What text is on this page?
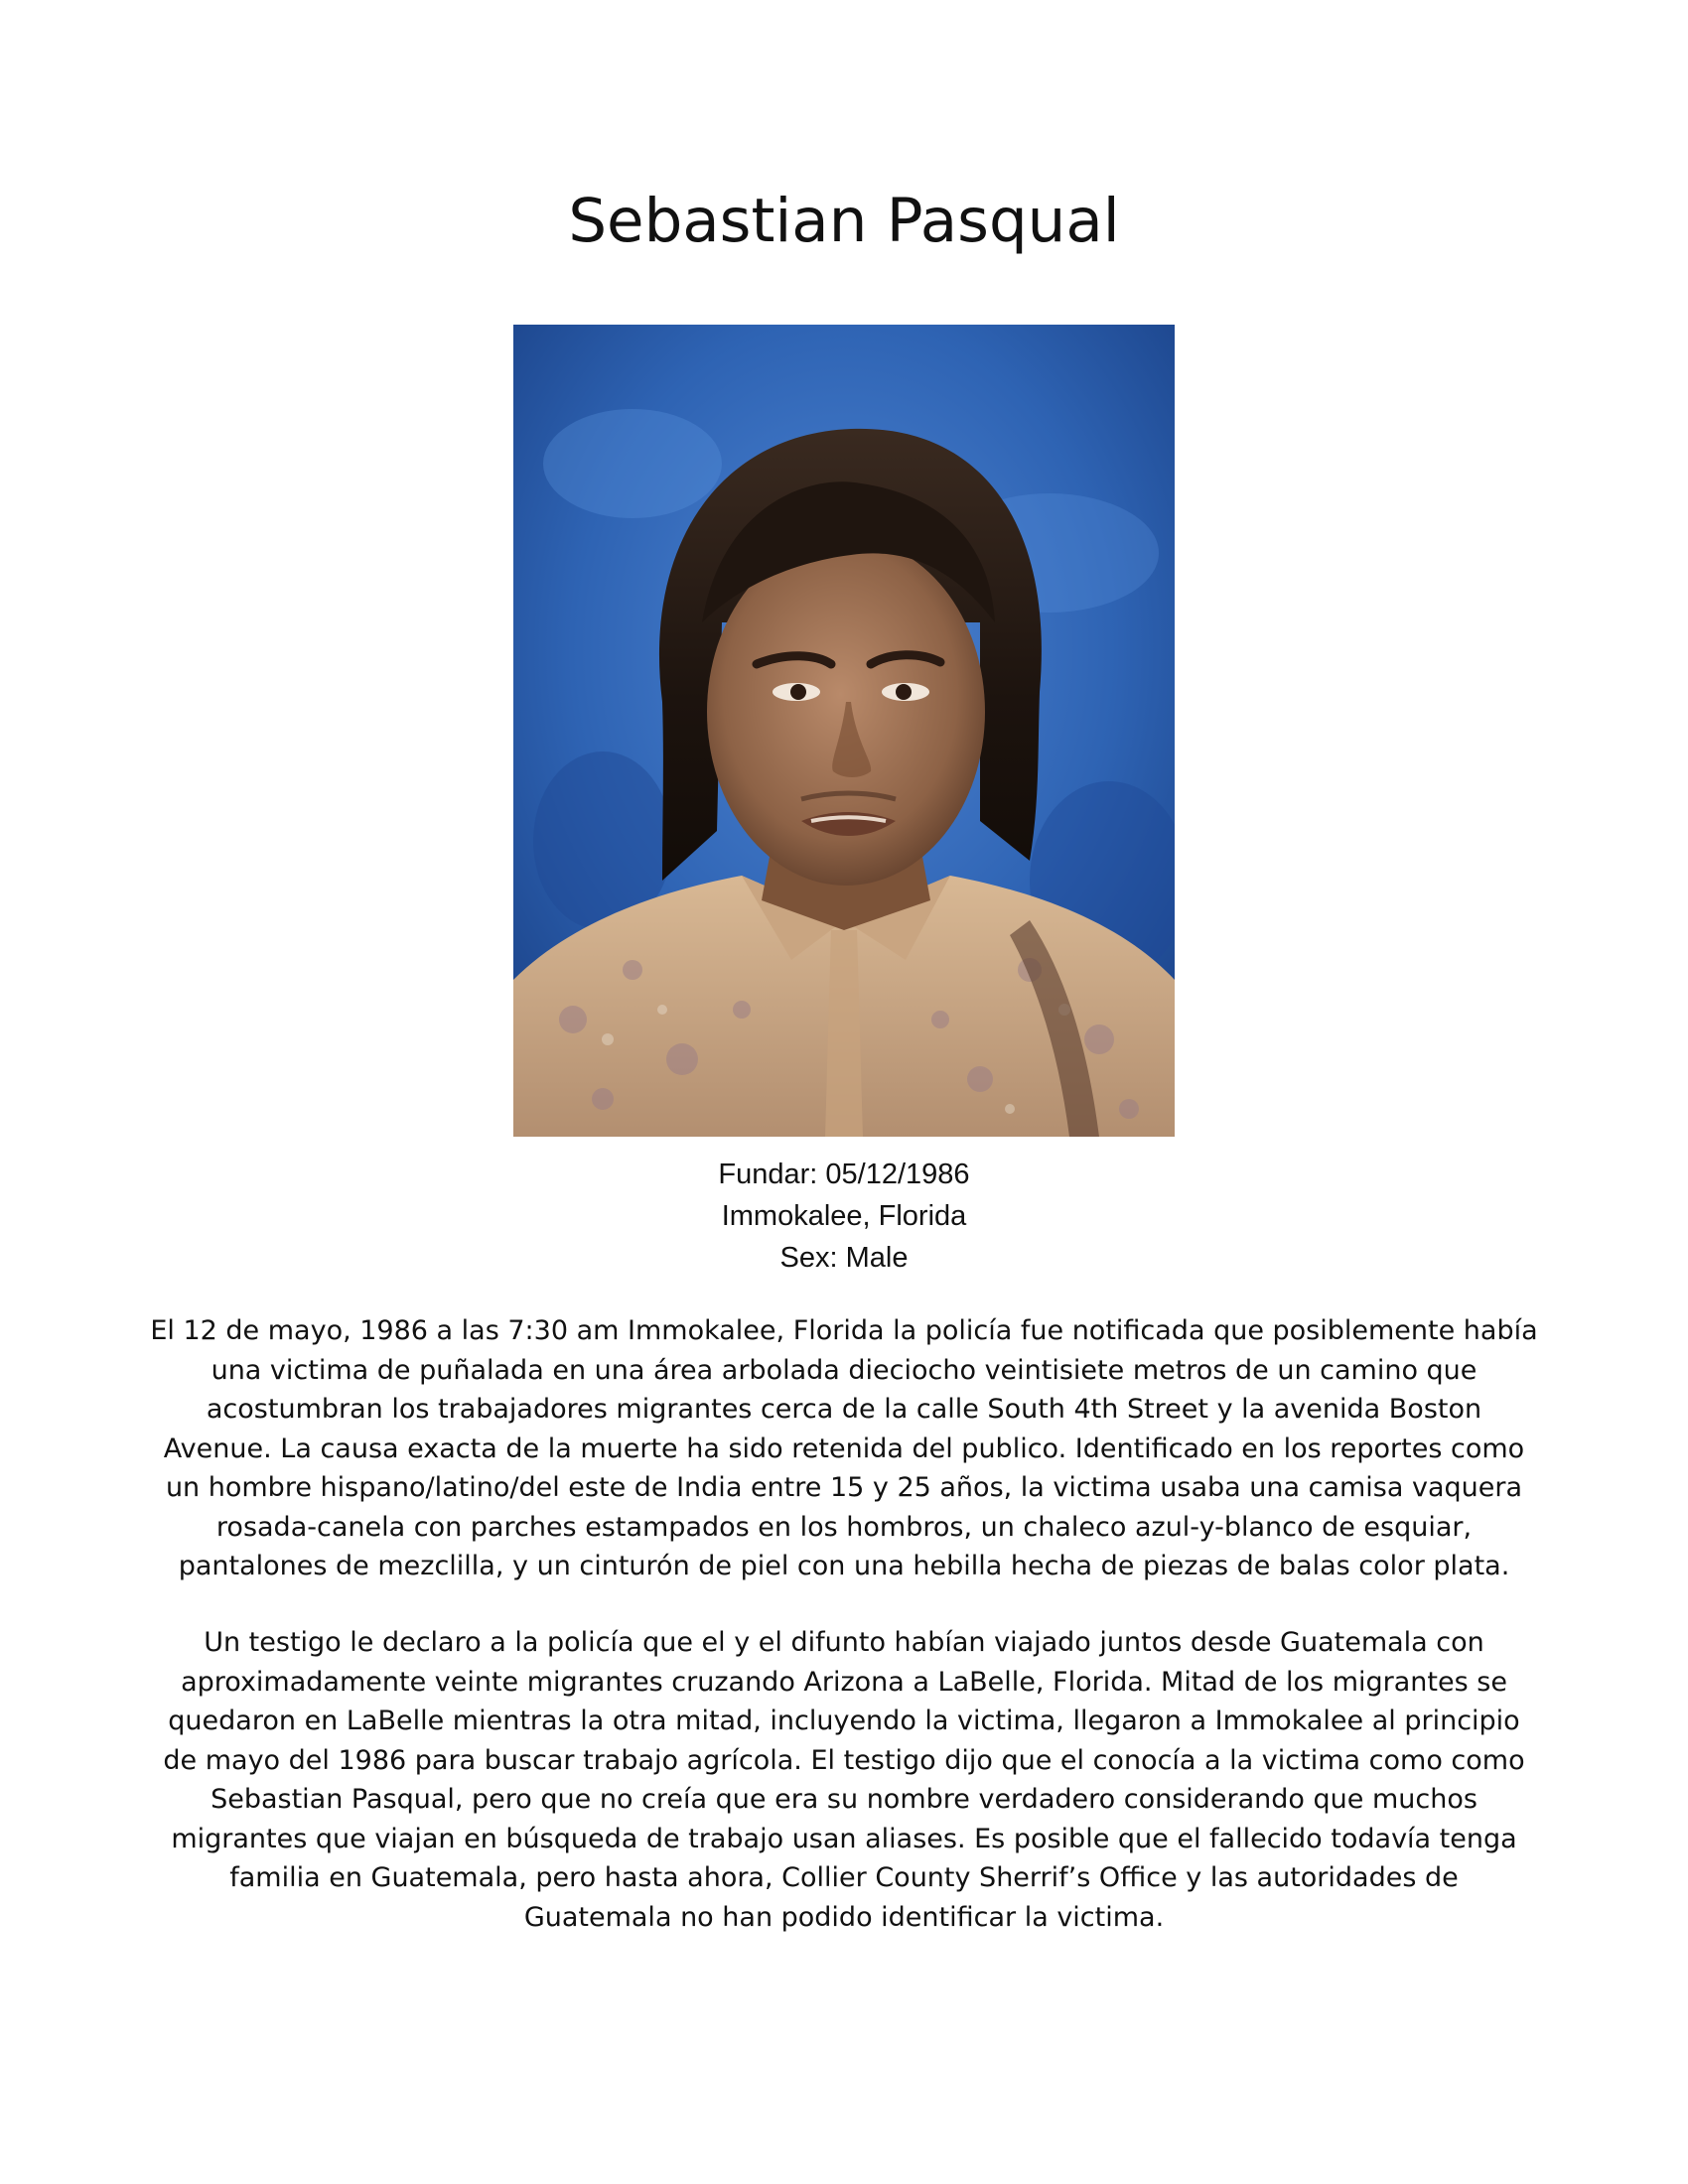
Sebastian Pasqual
Fundar: 05/12/1986
Immokalee, Florida
Sex: Male
El 12 de mayo, 1986 a las 7:30 am Immokalee, Florida la policía fue notificada que posiblemente había
una victima de puñalada en una área arbolada dieciocho veintisiete metros de un camino que
acostumbran los trabajadores migrantes cerca de la calle South 4th Street y la avenida Boston
Avenue. La causa exacta de la muerte ha sido retenida del publico. Identificado en los reportes como
un hombre hispano/latino/del este de India entre 15 y 25 años, la victima usaba una camisa vaquera
rosada-canela con parches estampados en los hombros, un chaleco azul-y-blanco de esquiar,
pantalones de mezclilla, y un cinturón de piel con una hebilla hecha de piezas de balas color plata.
Un testigo le declaro a la policía que el y el difunto habían viajado juntos desde Guatemala con
aproximadamente veinte migrantes cruzando Arizona a LaBelle, Florida. Mitad de los migrantes se
quedaron en LaBelle mientras la otra mitad, incluyendo la victima, llegaron a Immokalee al principio
de mayo del 1986 para buscar trabajo agrícola. El testigo dijo que el conocía a la victima como como
Sebastian Pasqual, pero que no creía que era su nombre verdadero considerando que muchos
migrantes que viajan en búsqueda de trabajo usan aliases. Es posible que el fallecido todavía tenga
familia en Guatemala, pero hasta ahora, Collier County Sherrif’s Office y las autoridades de
Guatemala no han podido identificar la victima.
